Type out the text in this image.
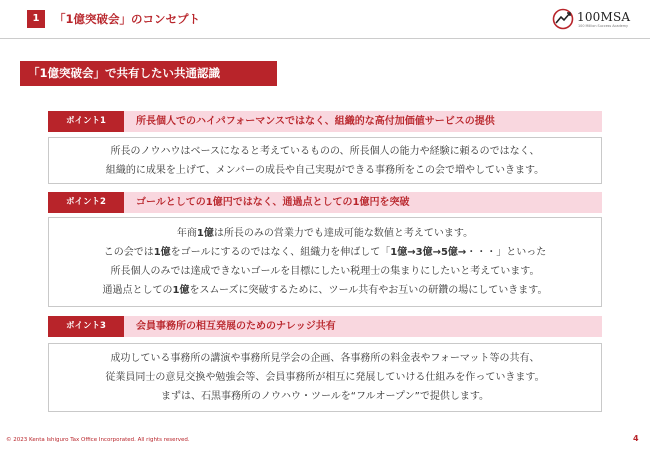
1	「1億突破会」のコンセプト	100MSA
100 Million Success Academy
「1億突破会」で共有したい共通認識
ポイント1	所長個人でのハイパフォーマンスではなく、組織的な高付加価値サービスの提供
所長のノウハウはベースになると考えているものの、所長個人の能力や経験に頼るのではなく、
組織的に成果を上げて、メンバーの成長や自己実現ができる事務所をこの会で増やしていきます。
ポイント2	ゴールとしての1億円ではなく、通過点としての1億円を突破
年商1億は所長のみの営業力でも達成可能な数値と考えています。
この会では1億をゴールにするのではなく、組織力を伸ばして「1億→3億→5億→・・・」といった
所長個人のみでは達成できないゴールを目標にしたい税理士の集まりにしたいと考えています。
通過点としての1億をスムーズに突破するために、ツール共有やお互いの研鑽の場にしていきます。
ポイント3	会員事務所の相互発展のためのナレッジ共有
成功している事務所の講演や事務所見学会の企画、各事務所の料金表やフォーマット等の共有、
従業員同士の意見交換や勉強会等、会員事務所が相互に発展していける仕組みを作っていきます。
まずは、石黒事務所のノウハウ・ツールを“フルオープン”で提供します。
© 2023 Kenta Ishiguro Tax Office Incorporated. All rights reserved.	4
